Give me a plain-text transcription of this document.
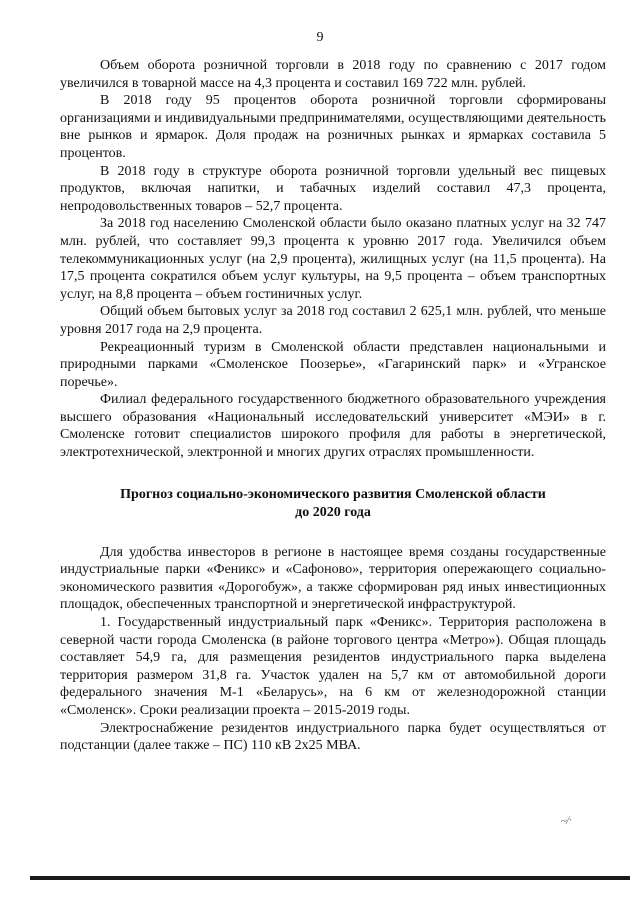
9

Объем оборота розничной торговли в 2018 году по сравнению с 2017 годом увеличился в товарной массе на 4,3 процента и составил 169 722 млн. рублей.

В 2018 году 95 процентов оборота розничной торговли сформированы организациями и индивидуальными предпринимателями, осуществляющими деятельность вне рынков и ярмарок. Доля продаж на розничных рынках и ярмарках составила 5 процентов.

В 2018 году в структуре оборота розничной торговли удельный вес пищевых продуктов, включая напитки, и табачных изделий составил 47,3 процента, непродовольственных товаров – 52,7 процента.

За 2018 год населению Смоленской области было оказано платных услуг на 32 747 млн. рублей, что составляет 99,3 процента к уровню 2017 года. Увеличился объем телекоммуникационных услуг (на 2,9 процента), жилищных услуг (на 11,5 процента). На 17,5 процента сократился объем услуг культуры, на 9,5 процента – объем транспортных услуг, на 8,8 процента – объем гостиничных услуг.

Общий объем бытовых услуг за 2018 год составил 2 625,1 млн. рублей, что меньше уровня 2017 года на 2,9 процента.

Рекреационный туризм в Смоленской области представлен национальными и природными парками «Смоленское Поозерье», «Гагаринский парк» и «Угранское поречье».

Филиал федерального государственного бюджетного образовательного учреждения высшего образования «Национальный исследовательский университет «МЭИ» в г. Смоленске готовит специалистов широкого профиля для работы в энергетической, электротехнической, электронной и многих других отраслях промышленности.

Прогноз социально-экономического развития Смоленской области
до 2020 года

Для удобства инвесторов в регионе в настоящее время созданы государственные индустриальные парки «Феникс» и «Сафоново», территория опережающего социально-экономического развития «Дорогобуж», а также сформирован ряд иных инвестиционных площадок, обеспеченных транспортной и энергетической инфраструктурой.

1. Государственный индустриальный парк «Феникс». Территория расположена в северной части города Смоленска (в районе торгового центра «Метро»). Общая площадь составляет 54,9 га, для размещения резидентов индустриального парка выделена территория размером 31,8 га. Участок удален на 5,7 км от автомобильной дороги федерального значения М-1 «Беларусь», на 6 км от железнодорожной станции «Смоленск». Сроки реализации проекта – 2015-2019 годы.

Электроснабжение резидентов индустриального парка будет осуществляться от подстанции (далее также – ПС) 110 кВ 2х25 МВА.

~⁄·
